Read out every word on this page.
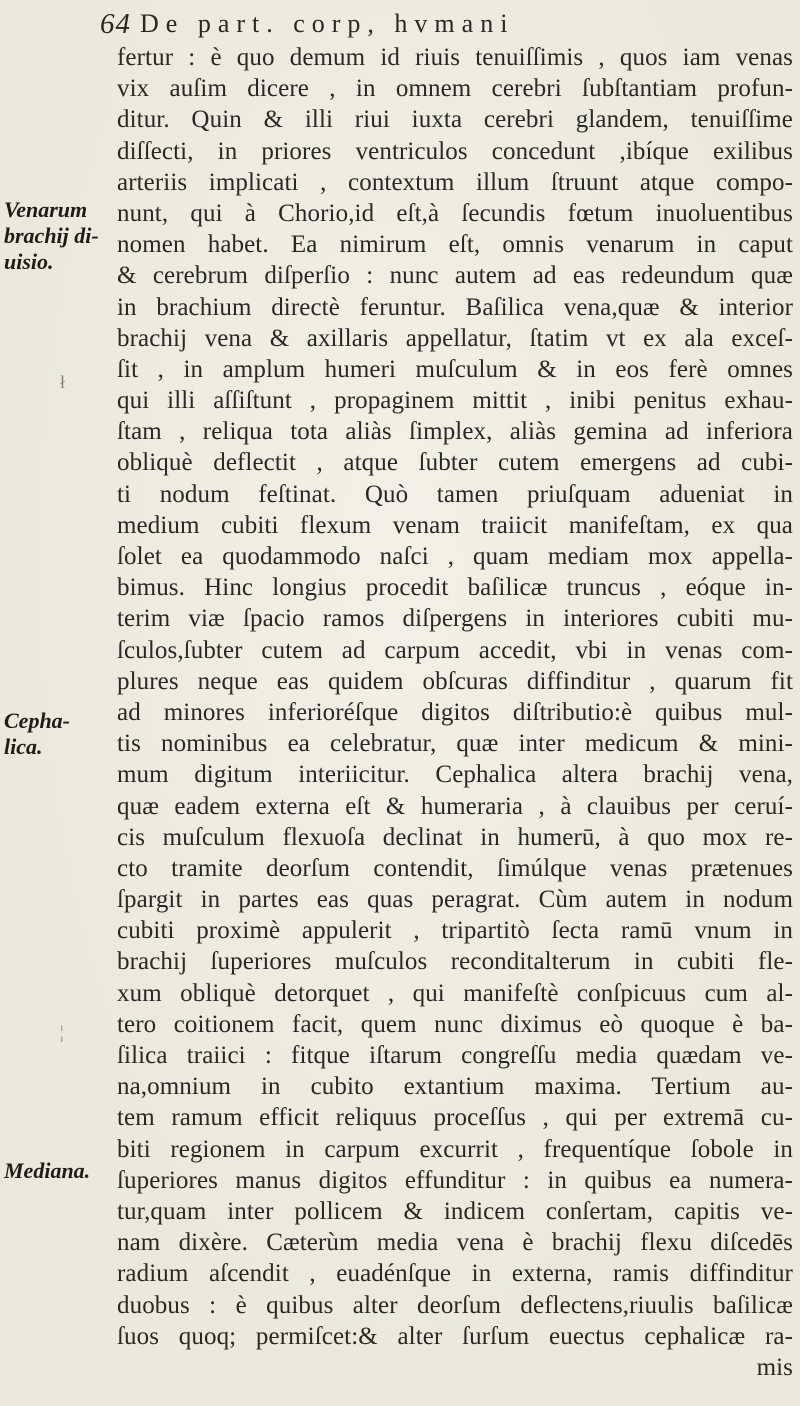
64 De part. corp, hvmani
Venarum
brachij di-
uisio.
Cepha-
lica.
Mediana.
ł
¦
fertur : è quo demum id riuis tenuiſſimis , quos iam venas
vix auſim dicere , in omnem cerebri ſubſtantiam profun-
ditur. Quin & illi riui iuxta cerebri glandem, tenuiſſime
diſſecti, in priores ventriculos concedunt ,ibíque exilibus
arteriis implicati , contextum illum ſtruunt atque compo-
nunt, qui à Chorio,id eſt,à ſecundis fœtum inuoluentibus
nomen habet. Ea nimirum eſt, omnis venarum in caput
& cerebrum diſperſio : nunc autem ad eas redeundum quæ
in brachium directè feruntur. Baſilica vena,quæ & interior
brachij vena & axillaris appellatur, ſtatim vt ex ala exceſ-
ſit , in amplum humeri muſculum & in eos ferè omnes
qui illi aſſiſtunt , propaginem mittit , inibi penitus exhau-
ſtam , reliqua tota aliàs ſimplex, aliàs gemina ad inferiora
obliquè deflectit , atque ſubter cutem emergens ad cubi-
ti nodum feſtinat. Quò tamen priuſquam adueniat in
medium cubiti flexum venam traiicit manifeſtam, ex qua
ſolet ea quodammodo naſci , quam mediam mox appella-
bimus. Hinc longius procedit baſilicæ truncus , eóque in-
terim viæ ſpacio ramos diſpergens in interiores cubiti mu-
ſculos,ſubter cutem ad carpum accedit, vbi in venas com-
plures neque eas quidem obſcuras diffinditur , quarum fit
ad minores inferioréſque digitos diſtributio:è quibus mul-
tis nominibus ea celebratur, quæ inter medicum & mini-
mum digitum interiicitur. Cephalica altera brachij vena,
quæ eadem externa eſt & humeraria , à clauibus per ceruí-
cis muſculum flexuoſa declinat in humerū, à quo mox re-
cto tramite deorſum contendit, ſimúlque venas prætenues
ſpargit in partes eas quas peragrat. Cùm autem in nodum
cubiti proximè appulerit , tripartitò ſecta ramū vnum in
brachij ſuperiores muſculos reconditalterum in cubiti fle-
xum obliquè detorquet , qui manifeſtè conſpicuus cum al-
tero coitionem facit, quem nunc diximus eò quoque è ba-
ſilica traiici : fitque iſtarum congreſſu media quædam ve-
na,omnium in cubito extantium maxima. Tertium au-
tem ramum efficit reliquus proceſſus , qui per extremā cu-
biti regionem in carpum excurrit , frequentíque ſobole in
ſuperiores manus digitos effunditur : in quibus ea numera-
tur,quam inter pollicem & indicem conſertam, capitis ve-
nam dixère. Cæterùm media vena è brachij flexu diſcedēs
radium aſcendit , euadénſque in externa, ramis diffinditur
duobus : è quibus alter deorſum deflectens,riuulis baſilicæ
ſuos quoq; permiſcet:& alter ſurſum euectus cephalicæ ra-
mis
